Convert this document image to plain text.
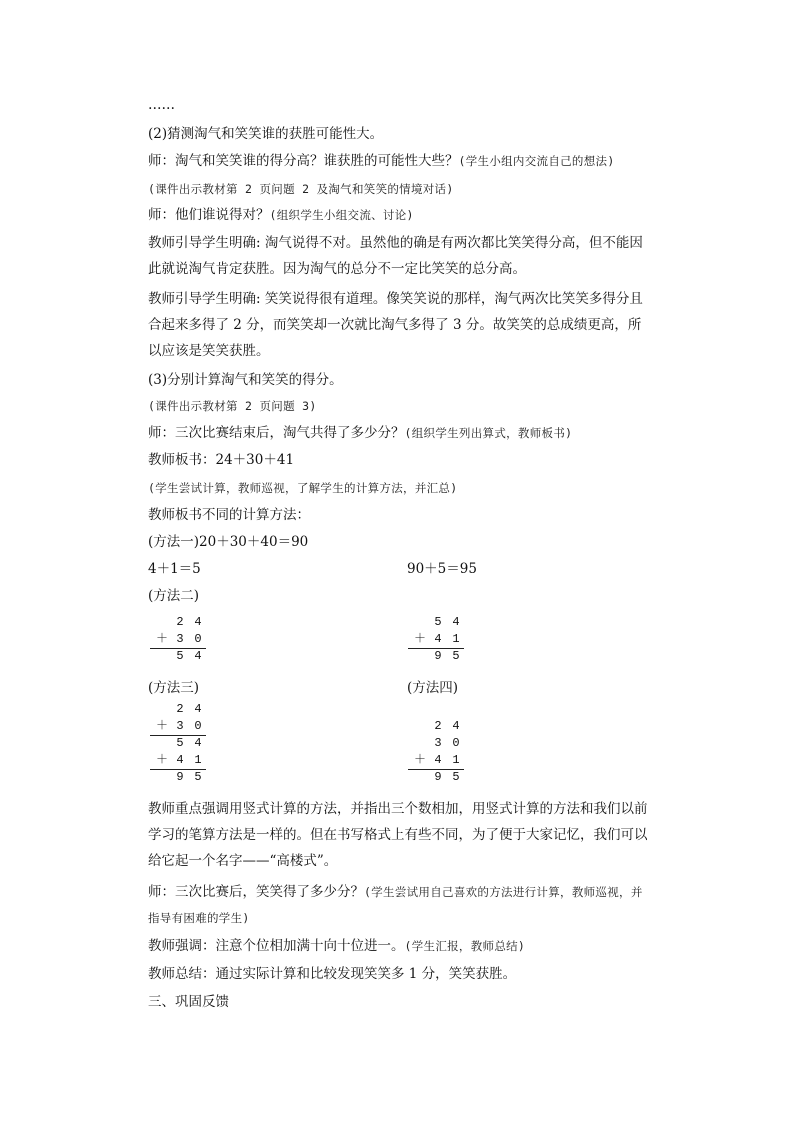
……
(2)猜测淘气和笑笑谁的获胜可能性大。
师：淘气和笑笑谁的得分高？谁获胜的可能性大些？(学生小组内交流自己的想法)
(课件出示教材第 2 页问题 2 及淘气和笑笑的情境对话)
师：他们谁说得对？(组织学生小组交流、讨论)
教师引导学生明确: 淘气说得不对。虽然他的确是有两次都比笑笑得分高，但不能因此就说淘气肯定获胜。因为淘气的总分不一定比笑笑的总分高。
教师引导学生明确: 笑笑说得很有道理。像笑笑说的那样，淘气两次比笑笑多得分且合起来多得了 2 分，而笑笑却一次就比淘气多得了 3 分。故笑笑的总成绩更高，所以应该是笑笑获胜。
(3)分别计算淘气和笑笑的得分。
(课件出示教材第 2 页问题 3)
师：三次比赛结束后，淘气共得了多少分？(组织学生列出算式，教师板书)
教师板书：24＋30＋41
(学生尝试计算，教师巡视，了解学生的计算方法，并汇总)
教师板书不同的计算方法：
(方法一)20＋30＋40＝90
4＋1＝5	90＋5＝95
(方法二)
2 4
＋ 3 0
5 4
5 4
＋ 4 1
9 5
(方法三)	(方法四)
2 4
＋ 3 0
5 4
＋ 4 1
9 5
2 4
3 0
＋ 4 1
9 5
教师重点强调用竖式计算的方法，并指出三个数相加，用竖式计算的方法和我们以前学习的笔算方法是一样的。但在书写格式上有些不同，为了便于大家记忆，我们可以给它起一个名字——“高楼式”。
师：三次比赛后，笑笑得了多少分？(学生尝试用自己喜欢的方法进行计算，教师巡视，并指导有困难的学生)
教师强调：注意个位相加满十向十位进一。(学生汇报，教师总结)
教师总结：通过实际计算和比较发现笑笑多 1 分，笑笑获胜。
三、巩固反馈
